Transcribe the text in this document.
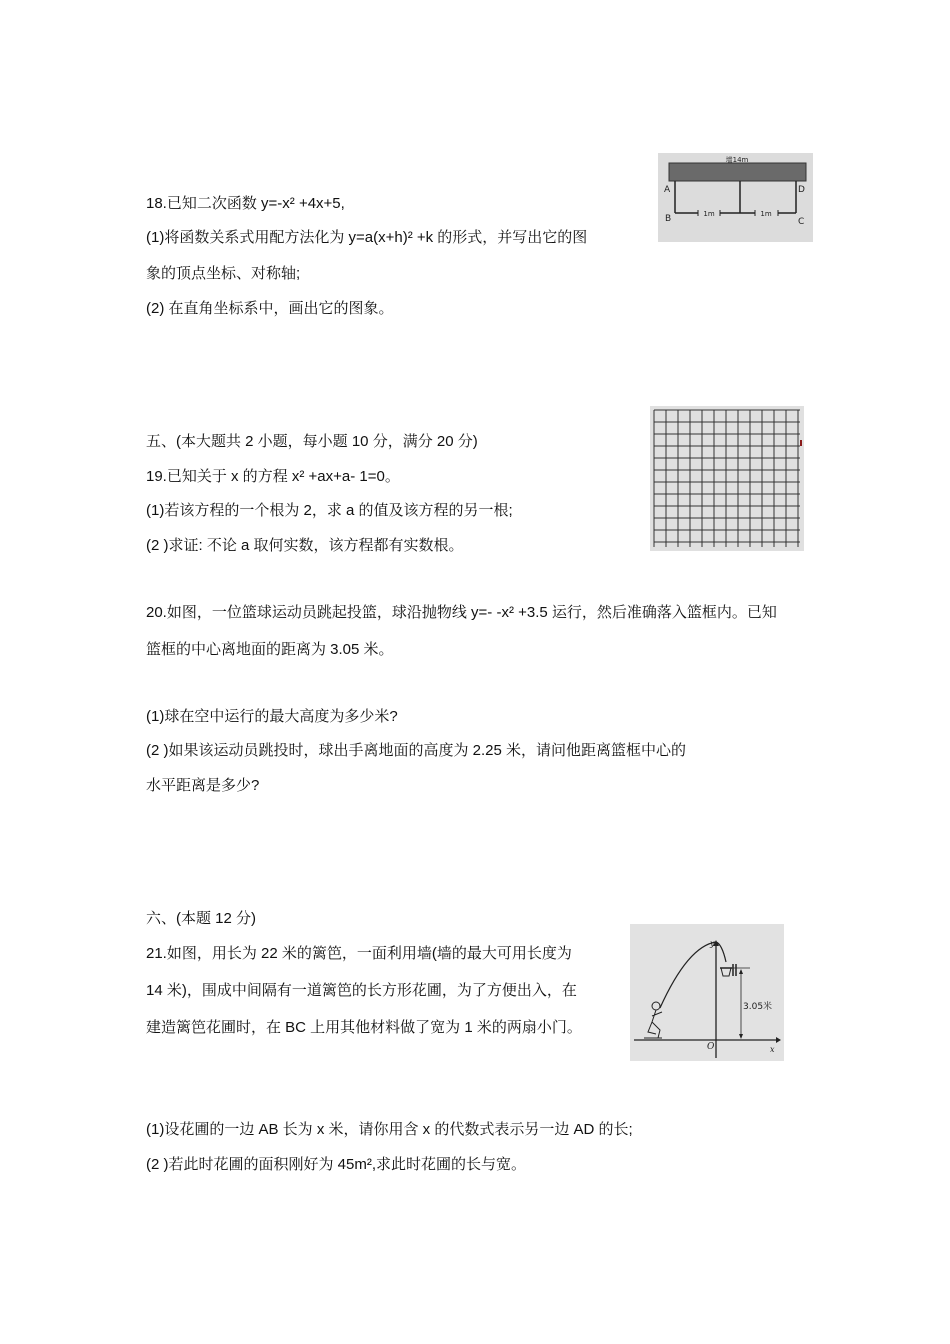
18.已知二次函数 y=-x² +4x+5,
(1)将函数关系式用配方法化为 y=a(x+h)² +k 的形式，并写出它的图
象的顶点坐标、对称轴;
(2) 在直角坐标系中，画出它的图象。
墙14m
1m	1m
A	D
B	C
五、(本大题共 2 小题，每小题 10 分，满分 20 分)
19.已知关于 x 的方程 x² +ax+a- 1=0。
(1)若该方程的一个根为 2，求 a 的值及该方程的另一根;
(2 )求证: 不论 a 取何实数，该方程都有实数根。
20.如图，一位篮球运动员跳起投篮，球沿抛物线 y=- -x² +3.5 运行，然后准确落入篮框内。已知
篮框的中心离地面的距离为 3.05 米。
(1)球在空中运行的最大高度为多少米?
(2 )如果该运动员跳投时，球出手离地面的高度为 2.25 米，请问他距离篮框中心的
水平距离是多少?
六、(本题 12 分)
21.如图，用长为 22 米的篱笆，一面利用墙(墙的最大可用长度为
14 米)，围成中间隔有一道篱笆的长方形花圃，为了方便出入，在
建造篱笆花圃时，在 BC 上用其他材料做了宽为 1 米的两扇小门。
(1)设花圃的一边 AB 长为 x 米，请你用含 x 的代数式表示另一边 AD 的长;
(2 )若此时花圃的面积刚好为 45m²,求此时花圃的长与宽。
y
x
O
3.05米
